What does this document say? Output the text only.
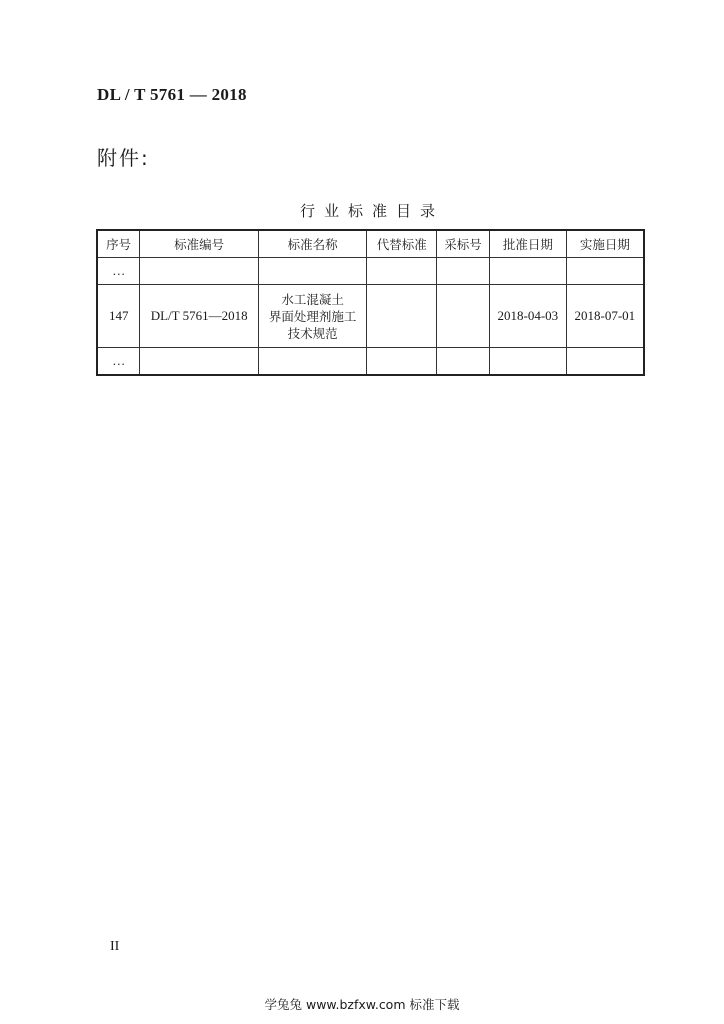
DL / T 5761 — 2018
附件:
行业标准目录
序号	标准编号	标准名称	代替标准	采标号	批准日期	实施日期
…						
147	DL/T 5761—2018	水工混凝土
界面处理剂施工
技术规范			2018-04-03	2018-07-01
…						
II
学兔兔 www.bzfxw.com 标准下载
